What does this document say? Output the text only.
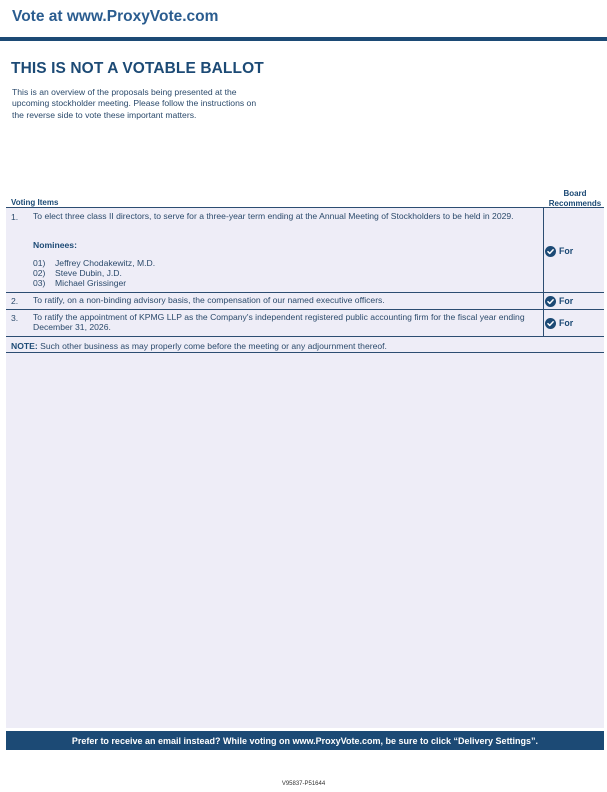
Vote at www.ProxyVote.com
THIS IS NOT A VOTABLE BALLOT
This is an overview of the proposals being presented at the
upcoming stockholder meeting. Please follow the instructions on
the reverse side to vote these important matters.
Board
Recommends
Voting Items
1. To elect three class II directors, to serve for a three-year term ending at the Annual Meeting of Stockholders to be held in 2029.
Nominees:
01) Jeffrey Chodakewitz, M.D.
02) Steve Dubin, J.D.
03) Michael Grissinger
For
2. To ratify, on a non-binding advisory basis, the compensation of our named executive officers.	For
3. To ratify the appointment of KPMG LLP as the Company's independent registered public accounting firm for the fiscal year ending December 31, 2026.	For
NOTE: Such other business as may properly come before the meeting or any adjournment thereof.
Prefer to receive an email instead? While voting on www.ProxyVote.com, be sure to click “Delivery Settings”.
V95837-P51644
